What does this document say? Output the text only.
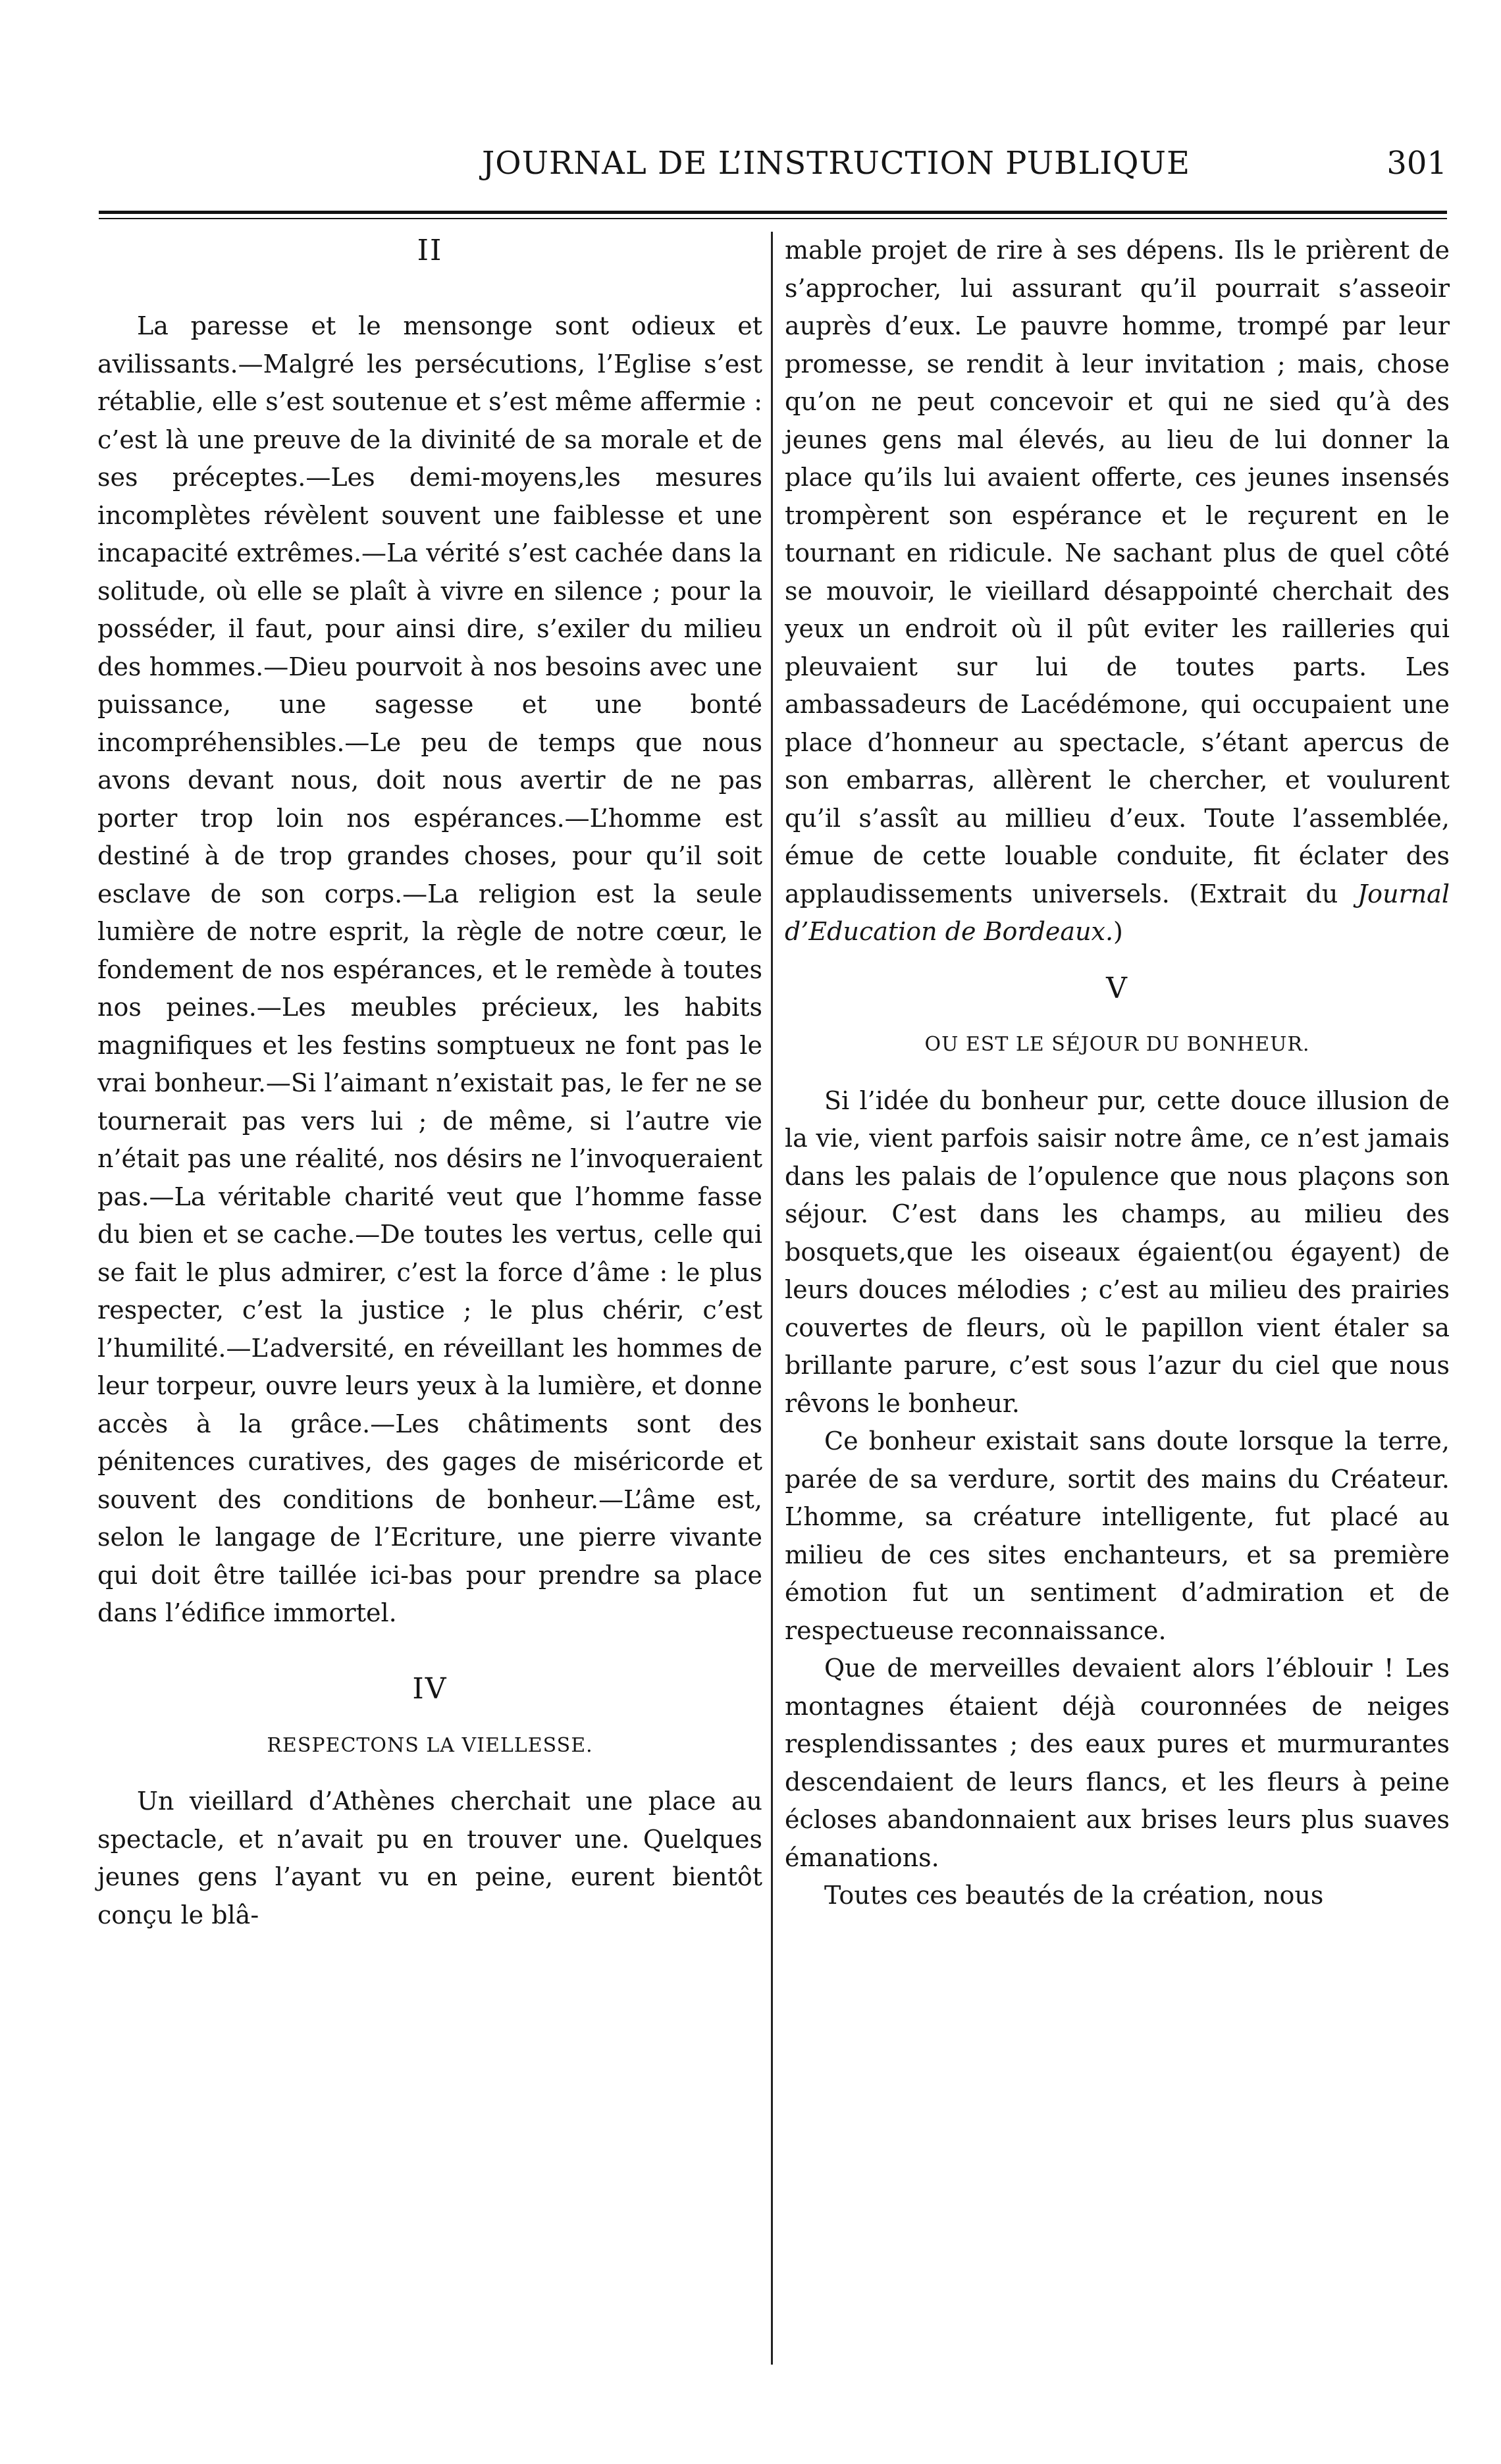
JOURNAL DE L’INSTRUCTION PUBLIQUE	301
II

La paresse et le mensonge sont odieux et avilissants.—Malgré les persécutions, l’Eglise s’est rétablie, elle s’est soutenue et s’est même affermie : c’est là une preuve de la divinité de sa morale et de ses préceptes.—Les demi-moyens,les mesures incomplètes révèlent souvent une faiblesse et une incapacité extrêmes.—La vérité s’est cachée dans la solitude, où elle se plaît à vivre en silence ; pour la posséder, il faut, pour ainsi dire, s’exiler du milieu des hommes.—Dieu pourvoit à nos besoins avec une puissance, une sagesse et une bonté incompréhensibles.—Le peu de temps que nous avons devant nous, doit nous avertir de ne pas porter trop loin nos espérances.—L’homme est destiné à de trop grandes choses, pour qu’il soit esclave de son corps.—La religion est la seule lumière de notre esprit, la règle de notre cœur, le fondement de nos espérances, et le remède à toutes nos peines.—Les meubles précieux, les habits magnifiques et les festins somptueux ne font pas le vrai bonheur.—Si l’aimant n’existait pas, le fer ne se tournerait pas vers lui ; de même, si l’autre vie n’était pas une réalité, nos désirs ne l’invoqueraient pas.—La véritable charité veut que l’homme fasse du bien et se cache.—De toutes les vertus, celle qui se fait le plus admirer, c’est la force d’âme : le plus respecter, c’est la justice ; le plus chérir, c’est l’humilité.—L’adversité, en réveillant les hommes de leur torpeur, ouvre leurs yeux à la lumière, et donne accès à la grâce.—Les châtiments sont des pénitences curatives, des gages de miséricorde et souvent des conditions de bonheur.—L’âme est, selon le langage de l’Ecriture, une pierre vivante qui doit être taillée ici-bas pour prendre sa place dans l’édifice immortel.

IV
RESPECTONS LA VIELLESSE.

Un vieillard d’Athènes cherchait une place au spectacle, et n’avait pu en trouver une. Quelques jeunes gens l’ayant vu en peine, eurent bientôt conçu le blâ-

mable projet de rire à ses dépens. Ils le prièrent de s’approcher, lui assurant qu’il pourrait s’asseoir auprès d’eux. Le pauvre homme, trompé par leur promesse, se rendit à leur invitation ; mais, chose qu’on ne peut concevoir et qui ne sied qu’à des jeunes gens mal élevés, au lieu de lui donner la place qu’ils lui avaient offerte, ces jeunes insensés trompèrent son espérance et le reçurent en le tournant en ridicule. Ne sachant plus de quel côté se mouvoir, le vieillard désappointé cherchait des yeux un endroit où il pût eviter les railleries qui pleuvaient sur lui de toutes parts. Les ambassadeurs de Lacédémone, qui occupaient une place d’honneur au spectacle, s’étant apercus de son embarras, allèrent le chercher, et voulurent qu’il s’assît au millieu d’eux. Toute l’assemblée, émue de cette louable conduite, fit éclater des applaudissements universels. (Extrait du Journal d’Education de Bordeaux.)

V
OU EST LE SÉJOUR DU BONHEUR.

Si l’idée du bonheur pur, cette douce illusion de la vie, vient parfois saisir notre âme, ce n’est jamais dans les palais de l’opulence que nous plaçons son séjour. C’est dans les champs, au milieu des bosquets,que les oiseaux égaient(ou égayent) de leurs douces mélodies ; c’est au milieu des prairies couvertes de fleurs, où le papillon vient étaler sa brillante parure, c’est sous l’azur du ciel que nous rêvons le bonheur.

Ce bonheur existait sans doute lorsque la terre, parée de sa verdure, sortit des mains du Créateur. L’homme, sa créature intelligente, fut placé au milieu de ces sites enchanteurs, et sa première émotion fut un sentiment d’admiration et de respectueuse reconnaissance.

Que de merveilles devaient alors l’éblouir ! Les montagnes étaient déjà couronnées de neiges resplendissantes ; des eaux pures et murmurantes descendaient de leurs flancs, et les fleurs à peine écloses abandonnaient aux brises leurs plus suaves émanations.

Toutes ces beautés de la création, nous
